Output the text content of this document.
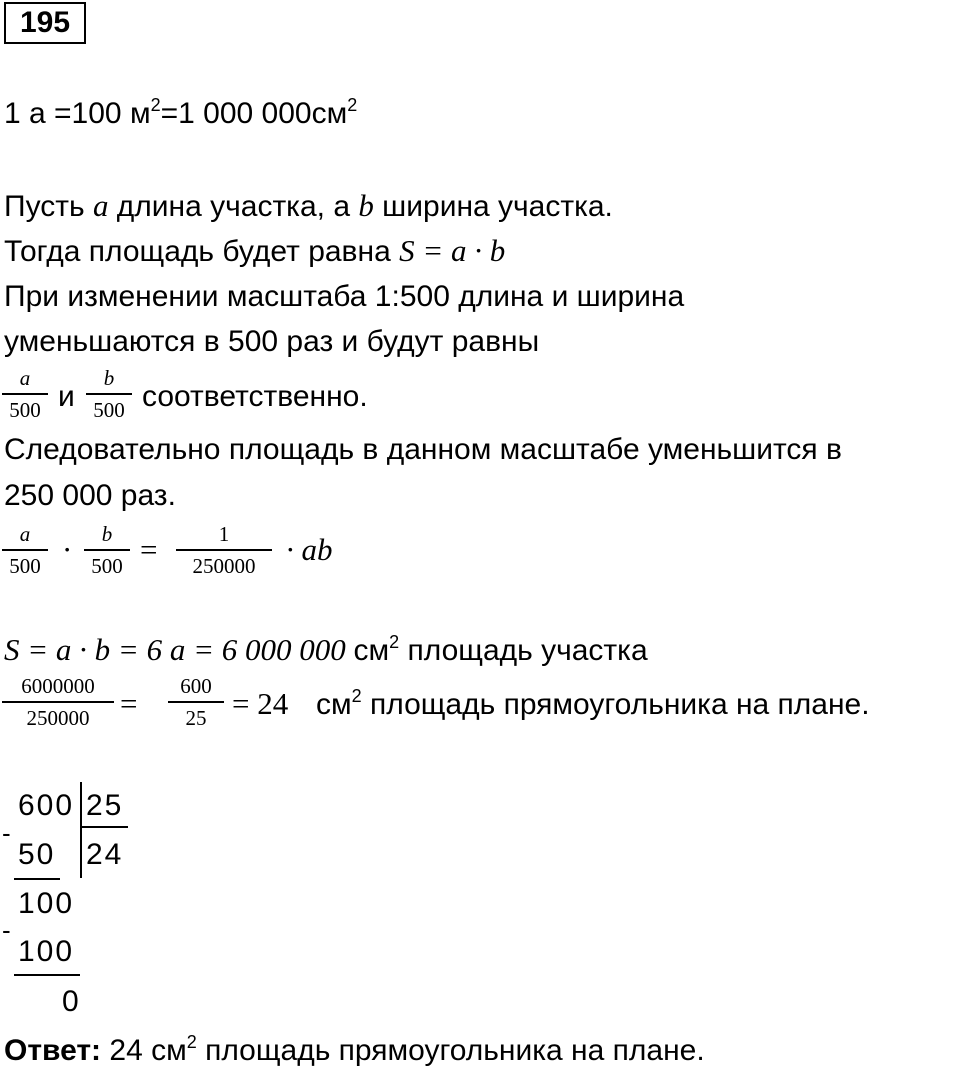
195
1 а =100 $м^2=1$ 000 $000см^2$
Пусть a длина участка, а b ширина участка.
Тогда площадь будет равна S = a · b
При изменении масштаба 1:500 длина и ширина
уменьшаются в 500 раз и будут равны
a
500 и
b
500 соответственно.
Следовательно площадь в данном масштабе уменьшится в
250 000 раз.
a
500 ·	b
500 =	1
250000 · ab
S = a · b = 6 а = 6 000 000 $см^2$ площадь участка
6000000
250000 =	600
25 = 24 $см^2$ площадь прямоугольника на плане.
600 25
-
50 24
100
-
100
0
Ответ: 24 $см^2$ площадь прямоугольника на плане.
